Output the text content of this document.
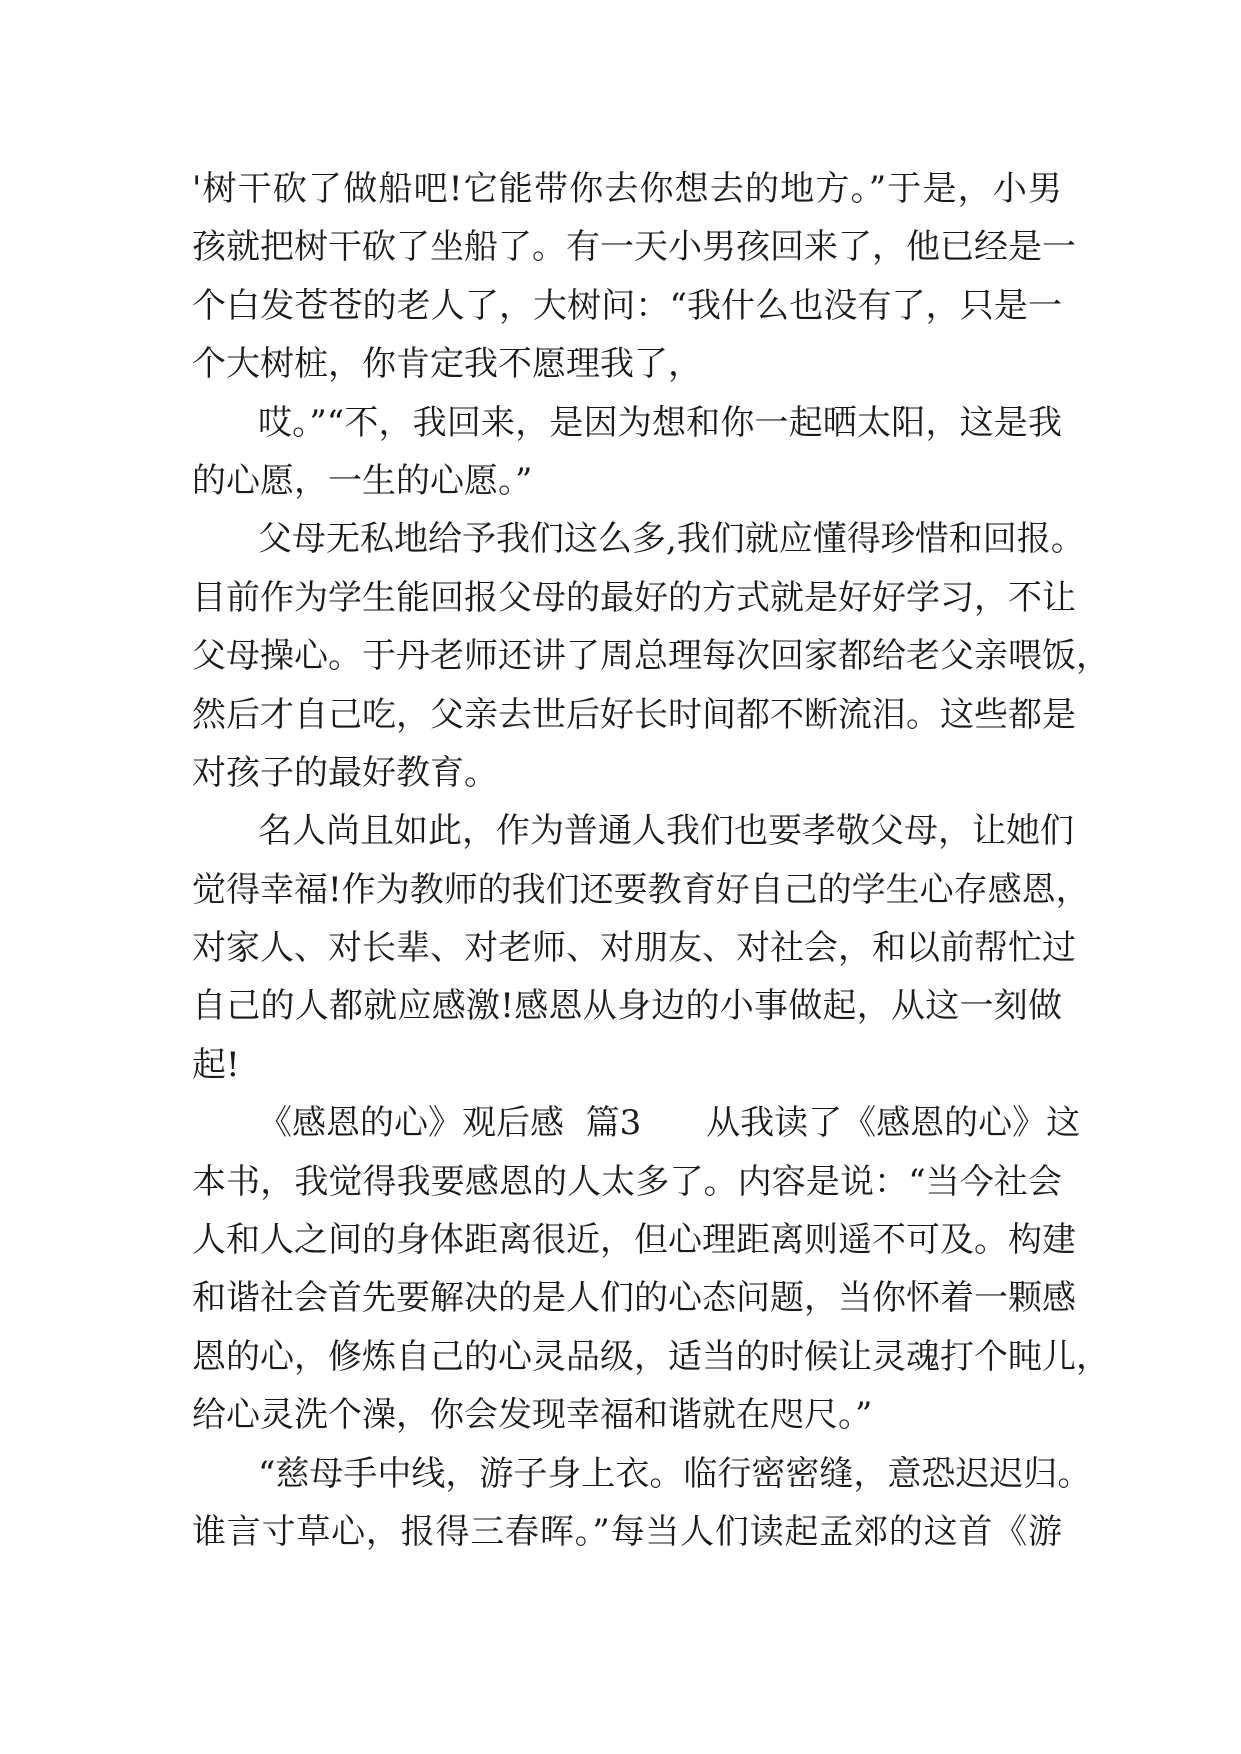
'树干砍了做船吧!它能带你去你想去的地方。”于是，小男
孩就把树干砍了坐船了。有一天小男孩回来了，他已经是一
个白发苍苍的老人了，大树问：“我什么也没有了，只是一
个大树桩，你肯定我不愿理我了，
哎。”“不，我回来，是因为想和你一起晒太阳，这是我
的心愿，一生的心愿。”
父母无私地给予我们这么多,我们就应懂得珍惜和回报。
目前作为学生能回报父母的最好的方式就是好好学习，不让
父母操心。于丹老师还讲了周总理每次回家都给老父亲喂饭，
然后才自己吃，父亲去世后好长时间都不断流泪。这些都是
对孩子的最好教育。
名人尚且如此，作为普通人我们也要孝敬父母，让她们
觉得幸福!作为教师的我们还要教育好自己的学生心存感恩，
对家人、对长辈、对老师、对朋友、对社会，和以前帮忙过
自己的人都就应感激!感恩从身边的小事做起，从这一刻做
起!
《感恩的心》观后感  篇3      从我读了《感恩的心》这
本书，我觉得我要感恩的人太多了。内容是说：“当今社会
人和人之间的身体距离很近，但心理距离则遥不可及。构建
和谐社会首先要解决的是人们的心态问题，当你怀着一颗感
恩的心，修炼自己的心灵品级，适当的时候让灵魂打个盹儿，
给心灵洗个澡，你会发现幸福和谐就在咫尺。”
“慈母手中线，游子身上衣。临行密密缝，意恐迟迟归。
谁言寸草心，报得三春晖。”每当人们读起孟郊的这首《游
